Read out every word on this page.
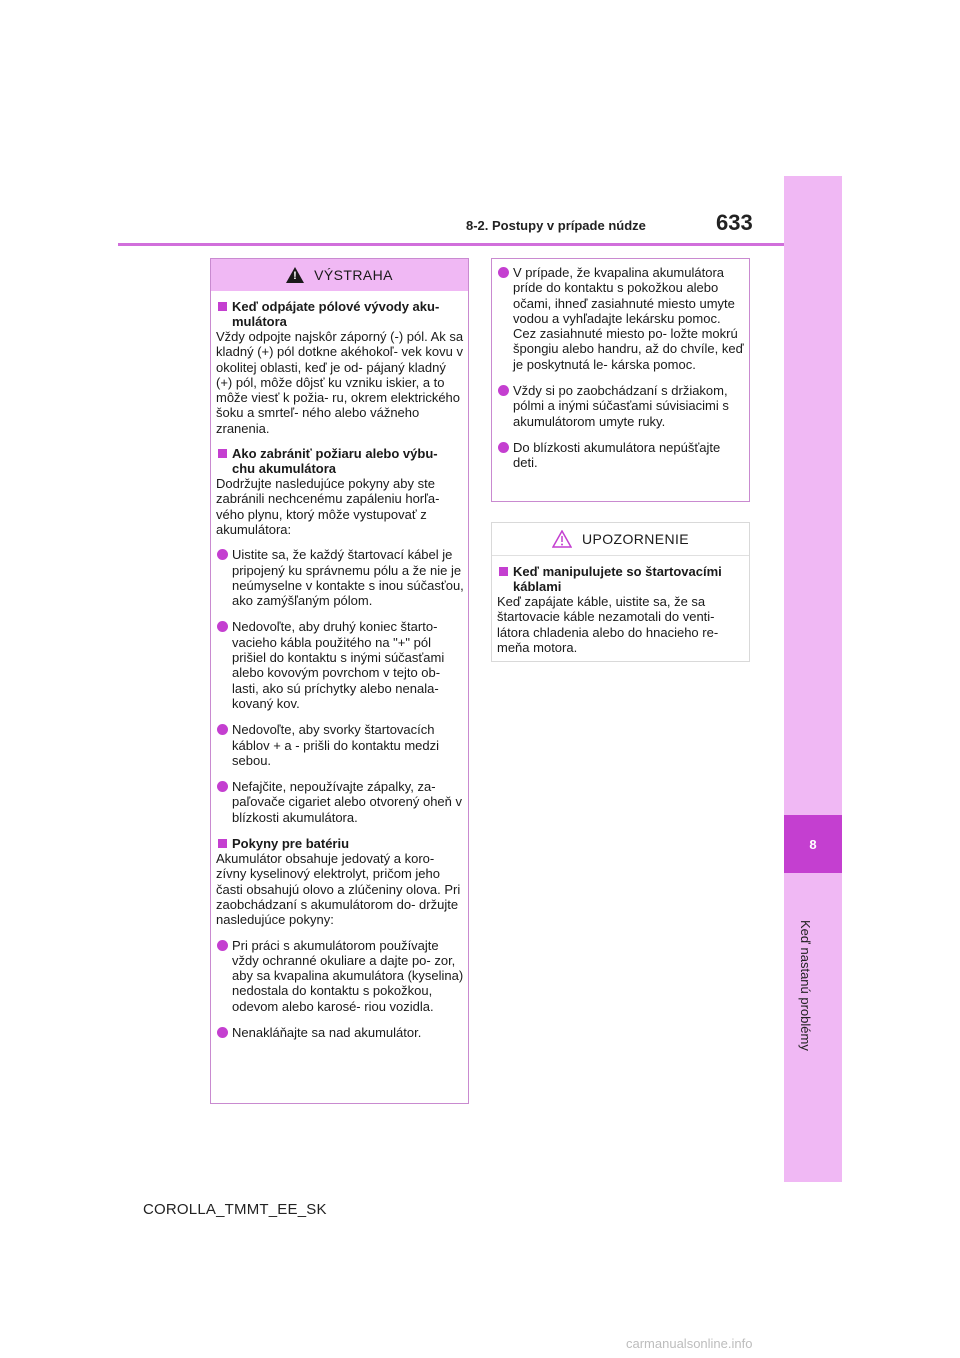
8
Keď nastanú problémy
8-2. Postupy v prípade núdze	633
!
VÝSTRAHA
Keď odpájate pólové vývody aku- mulátora

Vždy odpojte najskôr záporný (-) pól. Ak sa kladný (+) pól dotkne akéhokoľ- vek kovu v okolitej oblasti, keď je od- pájaný kladný (+) pól, môže dôjsť ku vzniku iskier, a to môže viesť k požia- ru, okrem elektrického šoku a smrteľ- ného alebo vážneho zranenia.

Ako zabrániť požiaru alebo výbu- chu akumulátora

Dodržujte nasledujúce pokyny aby ste zabránili nechcenému zapáleniu horľa- vého plynu, ktorý môže vystupovať z akumulátora:

Uistite sa, že každý štartovací kábel je pripojený ku správnemu pólu a že nie je neúmyselne v kontakte s inou súčasťou, ako zamýšľaným pólom.
Nedovoľte, aby druhý koniec štarto- vacieho kábla použitého na "+" pól prišiel do kontaktu s inými súčasťami alebo kovovým povrchom v tejto ob- lasti, ako sú príchytky alebo nenala- kovaný kov.
Nedovoľte, aby svorky štartovacích káblov + a - prišli do kontaktu medzi sebou.
Nefajčite, nepoužívajte zápalky, za- paľovače cigariet alebo otvorený oheň v blízkosti akumulátora.
Pokyny pre batériu

Akumulátor obsahuje jedovatý a koro- zívny kyselinový elektrolyt, pričom jeho časti obsahujú olovo a zlúčeniny olova. Pri zaobchádzaní s akumulátorom do- držujte nasledujúce pokyny:

Pri práci s akumulátorom používajte vždy ochranné okuliare a dajte po- zor, aby sa kvapalina akumulátora (kyselina) nedostala do kontaktu s pokožkou, odevom alebo karosé- riou vozidla.
Nenakláňajte sa nad akumulátor.
V prípade, že kvapalina akumulátora príde do kontaktu s pokožkou alebo očami, ihneď zasiahnuté miesto umyte vodou a vyhľadajte lekársku pomoc. Cez zasiahnuté miesto po- ložte mokrú špongiu alebo handru, až do chvíle, keď je poskytnutá le- kárska pomoc.
Vždy si po zaobchádzaní s držiakom, pólmi a inými súčasťami súvisiacimi s akumulátorom umyte ruky.
Do blízkosti akumulátora nepúšťajte deti.
UPOZORNENIE
Keď manipulujete so štartovacími káblami

Keď zapájate káble, uistite sa, že sa štartovacie káble nezamotali do venti- látora chladenia alebo do hnacieho re- meňa motora.

COROLLA_TMMT_EE_SK
carmanualsonline.info
